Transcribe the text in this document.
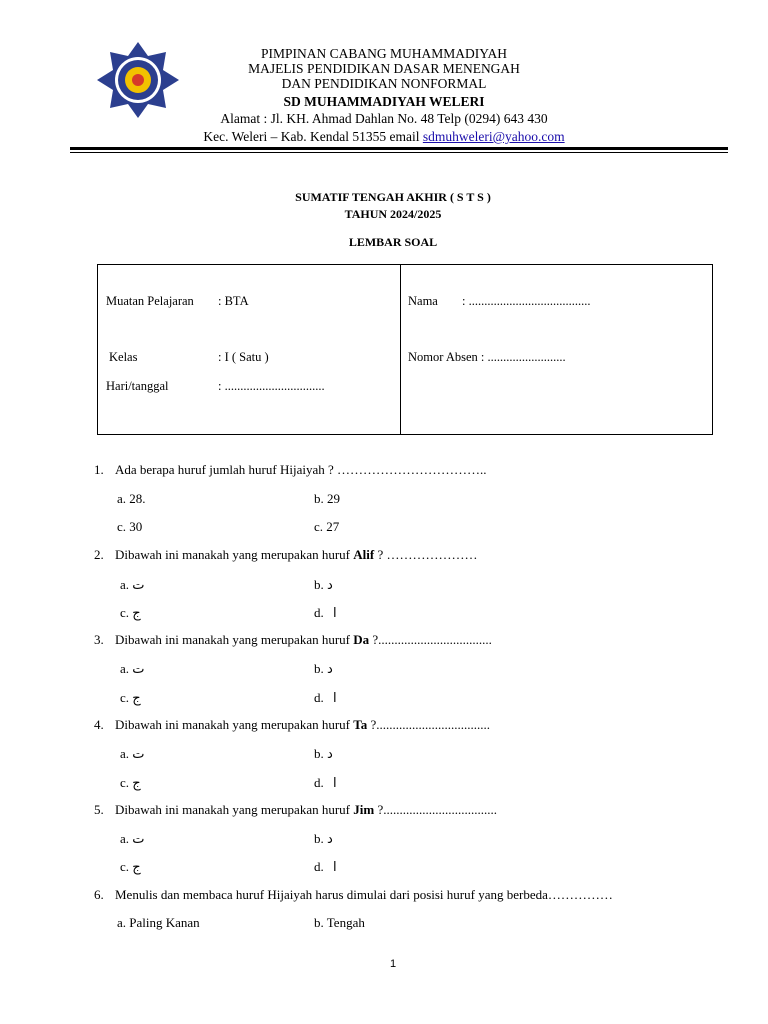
PIMPINAN CABANG MUHAMMADIYAH
MAJELIS PENDIDIKAN DASAR MENENGAH
DAN PENDIDIKAN NONFORMAL
SD MUHAMMADIYAH WELERI
Alamat : Jl. KH. Ahmad Dahlan No. 48 Telp (0294) 643 430
Kec. Weleri – Kab. Kendal 51355 email sdmuhweleri@yahoo.com
SUMATIF TENGAH AKHIR ( S T S )
TAHUN 2024/2025
LEMBAR SOAL
Muatan Pelajaran : BTA
Kelas	: I ( Satu )
Hari/tanggal	: ................................
Nama : .......................................
Nomor Absen : .........................
1. Ada berapa huruf jumlah huruf Hijaiyah ? ……………………………..
a. 28.	b. 29
c. 30	c. 27
2. Dibawah ini manakah yang merupakan huruf Alif ? …………………
a. ت	b. د
c. ج	d. ا
3. Dibawah ini manakah yang merupakan huruf Da ?...................................
a. ت	b. د
c. ج	d. ا
4. Dibawah ini manakah yang merupakan huruf Ta ?...................................
a. ت	b. د
c. ج	d. ا
5. Dibawah ini manakah yang merupakan huruf Jim ?...................................
a. ت	b. د
c. ج	d. ا
6. Menulis dan membaca huruf Hijaiyah harus dimulai dari posisi huruf yang berbeda……………
a. Paling Kanan	b. Tengah
1
